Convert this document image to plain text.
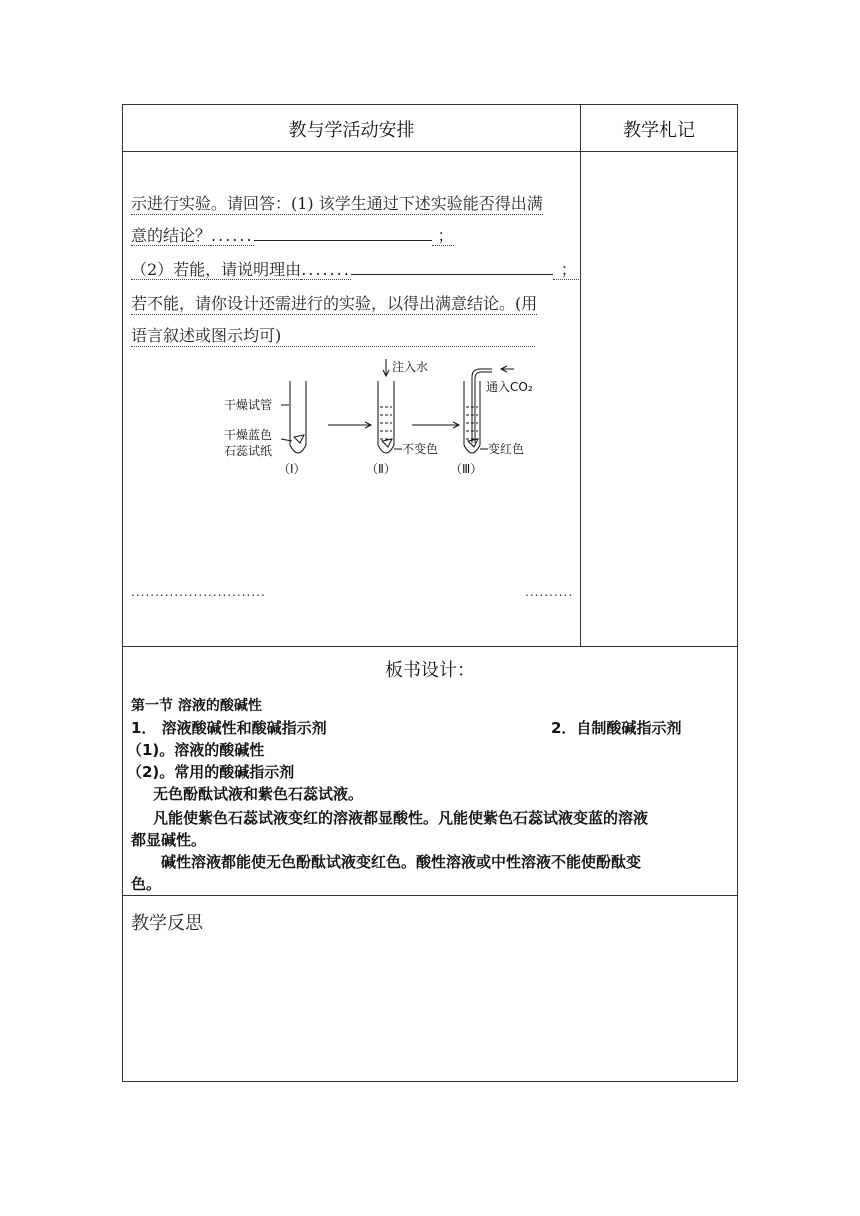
教与学活动安排	教学札记
示进行实验。请回答：(1) 该学生通过下述实验能否得出满
意的结论？......	；
（2）若能，请说明理由.......	；
若不能，请你设计还需进行的实验，以得出满意结论。(用
语言叙述或图示均可)
干燥试管
干燥蓝色
石蕊试纸
注入水
通入CO₂
不变色	变红色
（Ⅰ）	（Ⅱ）	（Ⅲ）
............................	..........
板书设计：
第一节 溶液的酸碱性
1． 溶液酸碱性和酸碱指示剂	2．自制酸碱指示剂
（1)。溶液的酸碱性
（2)。常用的酸碱指示剂
无色酚酞试液和紫色石蕊试液。
凡能使紫色石蕊试液变红的溶液都显酸性。凡能使紫色石蕊试液变蓝的溶液
都显碱性。
碱性溶液都能使无色酚酞试液变红色。酸性溶液或中性溶液不能使酚酞变
色。
教学反思
